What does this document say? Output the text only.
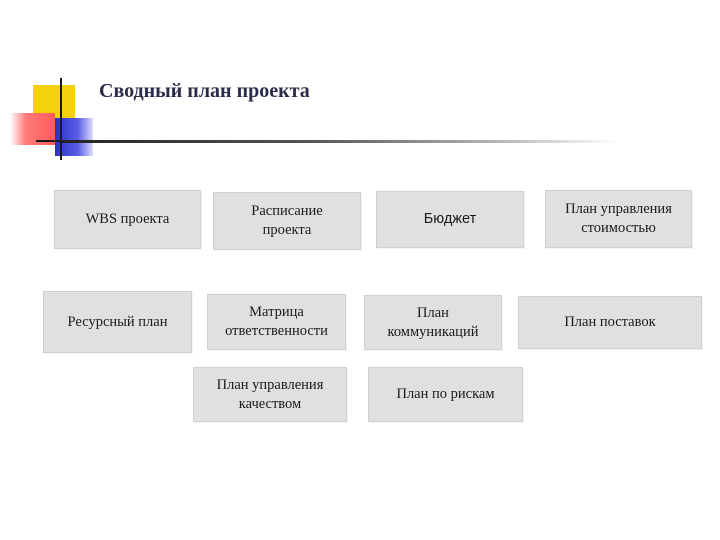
Сводный план проекта
WBS проекта	Расписание
проекта
Бюджет
План управления
стоимостью
Ресурсный план
Матрица
ответственности
План
коммуникаций
План поставок
План управления
качеством
План по рискам
